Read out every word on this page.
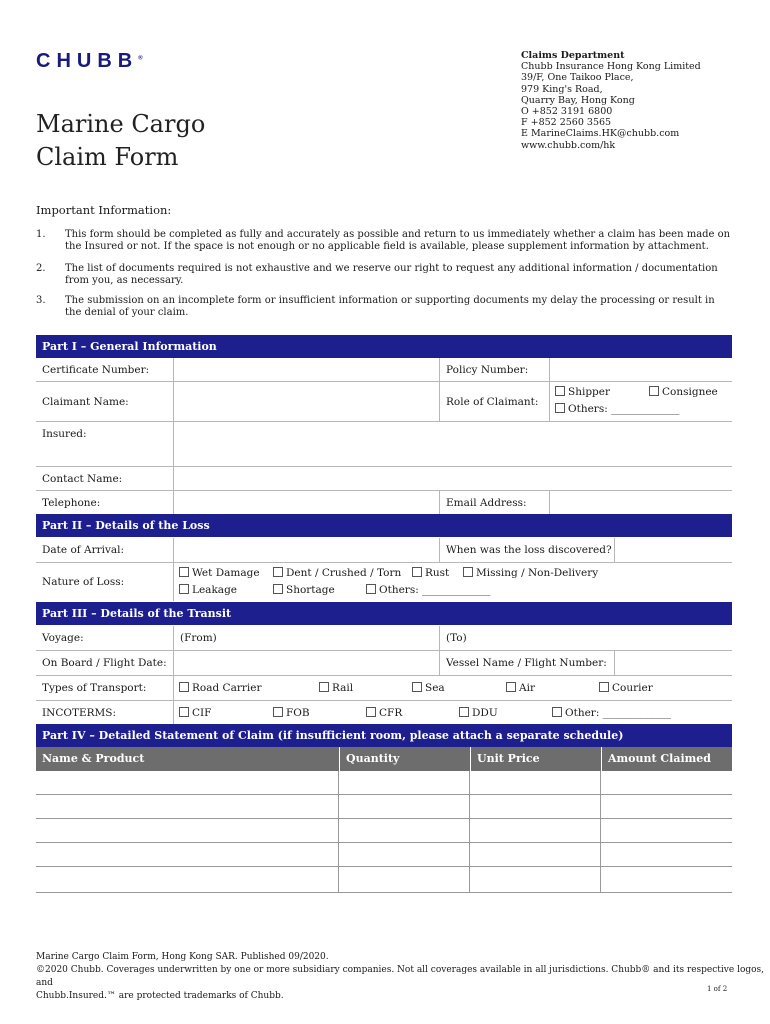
CHUBB®	Claims Department
Chubb Insurance Hong Kong Limited
39/F, One Taikoo Place,
979 King's Road,
Quarry Bay, Hong Kong
O +852 3191 6800
F +852 2560 3565
E MarineClaims.HK@chubb.com
www.chubb.com/hk
Marine Cargo
Claim Form
Important Information:
1.	This form should be completed as fully and accurately as possible and return to us immediately whether a claim has been made on the Insured or not. If the space is not enough or no applicable field is available, please supplement information by attachment.
2.	The list of documents required is not exhaustive and we reserve our right to request any additional information / documentation from you, as necessary.
3.	The submission on an incomplete form or insufficient information or supporting documents my delay the processing or result in the denial of your claim.
Part I – General Information
Certificate Number:	Policy Number:
Claimant Name:	Role of Claimant:
Shipper	Consignee
Others: _____________
Insured:
Contact Name:
Telephone:	Email Address:
Part II – Details of the Loss
Date of Arrival:	When was the loss discovered?
Nature of Loss:
Wet Damage	Dent / Crushed / Torn	Rust	Missing / Non-Delivery
Leakage	Shortage	Others: _____________
Part III – Details of the Transit
Voyage:	(From)	(To)
On Board / Flight Date:	Vessel Name / Flight Number:
Types of Transport:	Road Carrier	Rail	Sea	Air	Courier
INCOTERMS:	CIF	FOB	CFR	DDU	Other: _____________
Part IV – Detailed Statement of Claim (if insufficient room, please attach a separate schedule)
Name & Product	Quantity	Unit Price	Amount Claimed
Marine Cargo Claim Form, Hong Kong SAR. Published 09/2020.
©2020 Chubb. Coverages underwritten by one or more subsidiary companies. Not all coverages available in all jurisdictions. Chubb® and its respective logos, and
Chubb.Insured.™ are protected trademarks of Chubb.
1 of 2
